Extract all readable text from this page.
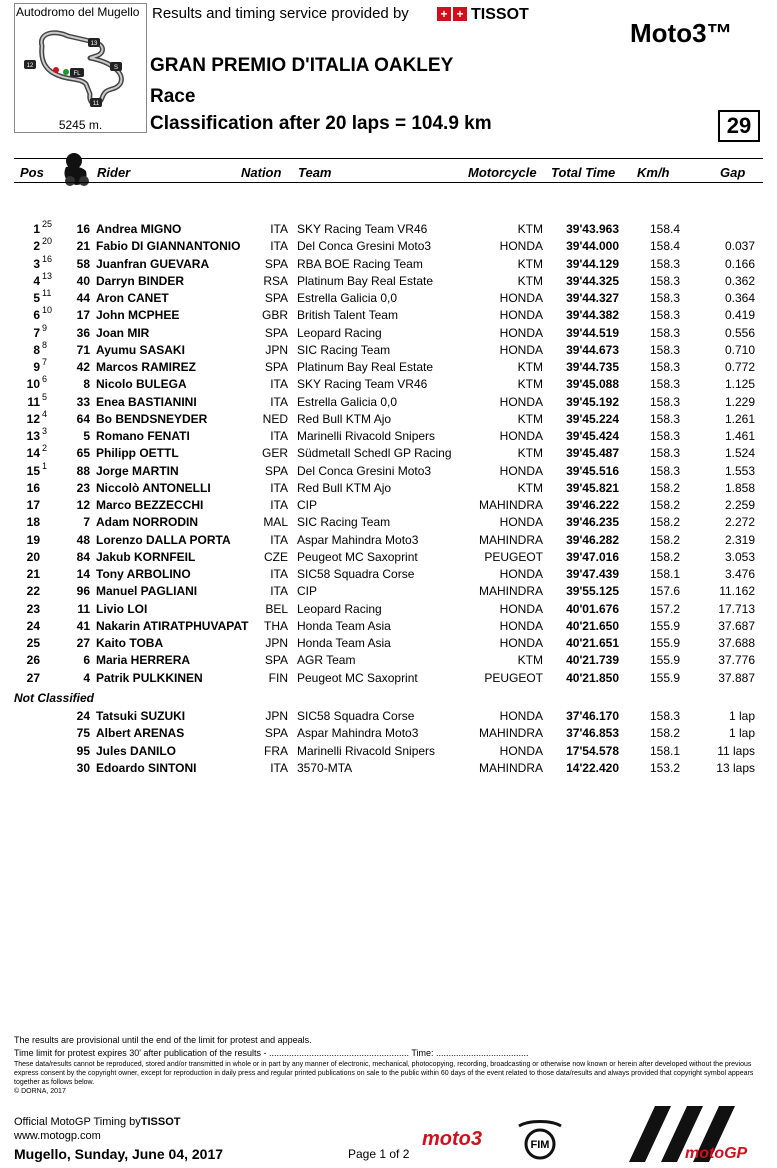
Autodromo del Mugello
13
12	S
FL
11
5245 m.
Results and timing service provided by	+ + TISSOT
Moto3™
GRAN PREMIO D'ITALIA OAKLEY
Race
Classification after 20 laps = 104.9 km	29
Pos	Rider	Nation Team	Motorcycle Total Time Km/h	Gap
1 25	16 Andrea MIGNO	ITA SKY Racing Team VR46	KTM	39'43.963	158.4
2 20	21 Fabio DI GIANNANTONIO	ITA Del Conca Gresini Moto3	HONDA	39'44.000	158.4	0.037
3 16	58 Juanfran GUEVARA	SPA RBA BOE Racing Team	KTM	39'44.129	158.3	0.166
4 13	40 Darryn BINDER	RSA Platinum Bay Real Estate	KTM	39'44.325	158.3	0.362
5 11	44 Aron CANET	SPA Estrella Galicia 0,0	HONDA	39'44.327	158.3	0.364
6 10	17 John MCPHEE	GBR British Talent Team	HONDA	39'44.382	158.3	0.419
7 9	36 Joan MIR	SPA Leopard Racing	HONDA	39'44.519	158.3	0.556
8 8	71 Ayumu SASAKI	JPN SIC Racing Team	HONDA	39'44.673	158.3	0.710
9 7	42 Marcos RAMIREZ	SPA Platinum Bay Real Estate	KTM	39'44.735	158.3	0.772
10 6	8 Nicolo BULEGA	ITA SKY Racing Team VR46	KTM	39'45.088	158.3	1.125
11 5	33 Enea BASTIANINI	ITA Estrella Galicia 0,0	HONDA	39'45.192	158.3	1.229
12 4	64 Bo BENDSNEYDER	NED Red Bull KTM Ajo	KTM	39'45.224	158.3	1.261
13 3	5 Romano FENATI	ITA Marinelli Rivacold Snipers	HONDA	39'45.424	158.3	1.461
14 2	65 Philipp OETTL	GER Südmetall Schedl GP Racing	KTM	39'45.487	158.3	1.524
15 1	88 Jorge MARTIN	SPA Del Conca Gresini Moto3	HONDA	39'45.516	158.3	1.553
16	23 Niccolò ANTONELLI	ITA Red Bull KTM Ajo	KTM	39'45.821	158.2	1.858
17	12 Marco BEZZECCHI	ITA CIP	MAHINDRA	39'46.222	158.2	2.259
18	7 Adam NORRODIN	MAL SIC Racing Team	HONDA	39'46.235	158.2	2.272
19	48 Lorenzo DALLA PORTA	ITA Aspar Mahindra Moto3	MAHINDRA	39'46.282	158.2	2.319
20	84 Jakub KORNFEIL	CZE Peugeot MC Saxoprint	PEUGEOT	39'47.016	158.2	3.053
21	14 Tony ARBOLINO	ITA SIC58 Squadra Corse	HONDA	39'47.439	158.1	3.476
22	96 Manuel PAGLIANI	ITA CIP	MAHINDRA	39'55.125	157.6	11.162
23	11 Livio LOI	BEL Leopard Racing	HONDA	40'01.676	157.2	17.713
24	41 Nakarin ATIRATPHUVAPAT	THA Honda Team Asia	HONDA	40'21.650	155.9	37.687
25	27 Kaito TOBA	JPN Honda Team Asia	HONDA	40'21.651	155.9	37.688
26	6 Maria HERRERA	SPA AGR Team	KTM	40'21.739	155.9	37.776
27	4 Patrik PULKKINEN	FIN Peugeot MC Saxoprint	PEUGEOT	40'21.850	155.9	37.887
24 Tatsuki SUZUKI	JPN SIC58 Squadra Corse	HONDA	37'46.170	158.3	1 lap
75 Albert ARENAS	SPA Aspar Mahindra Moto3	MAHINDRA	37'46.853	158.2	1 lap
95 Jules DANILO	FRA Marinelli Rivacold Snipers	HONDA	17'54.578	158.1	11 laps
30 Edoardo SINTONI	ITA 3570-MTA	MAHINDRA	14'22.420	153.2	13 laps
Not Classified
The results are provisional until the end of the limit for protest and appeals.
Time limit for protest expires 30' after publication of the results - ........................................................ Time: .....................................
These data/results cannot be reproduced, stored and/or transmitted in whole or in part by any manner of electronic, mechanical, photocopying, recording, broadcasting or otherwise now known or herein after developed without the previous express consent by the copyright owner, except for reproduction in daily press and regular printed publications on sale to the public within 60 days of the event related to those data/results and always provided that copyright symbol appears together as follows below.
© DORNA, 2017
Official MotoGP Timing byTISSOT
www.motogp.com
Mugello, Sunday, June 04, 2017	Page 1 of 2
moto3	FIM	motoGP
